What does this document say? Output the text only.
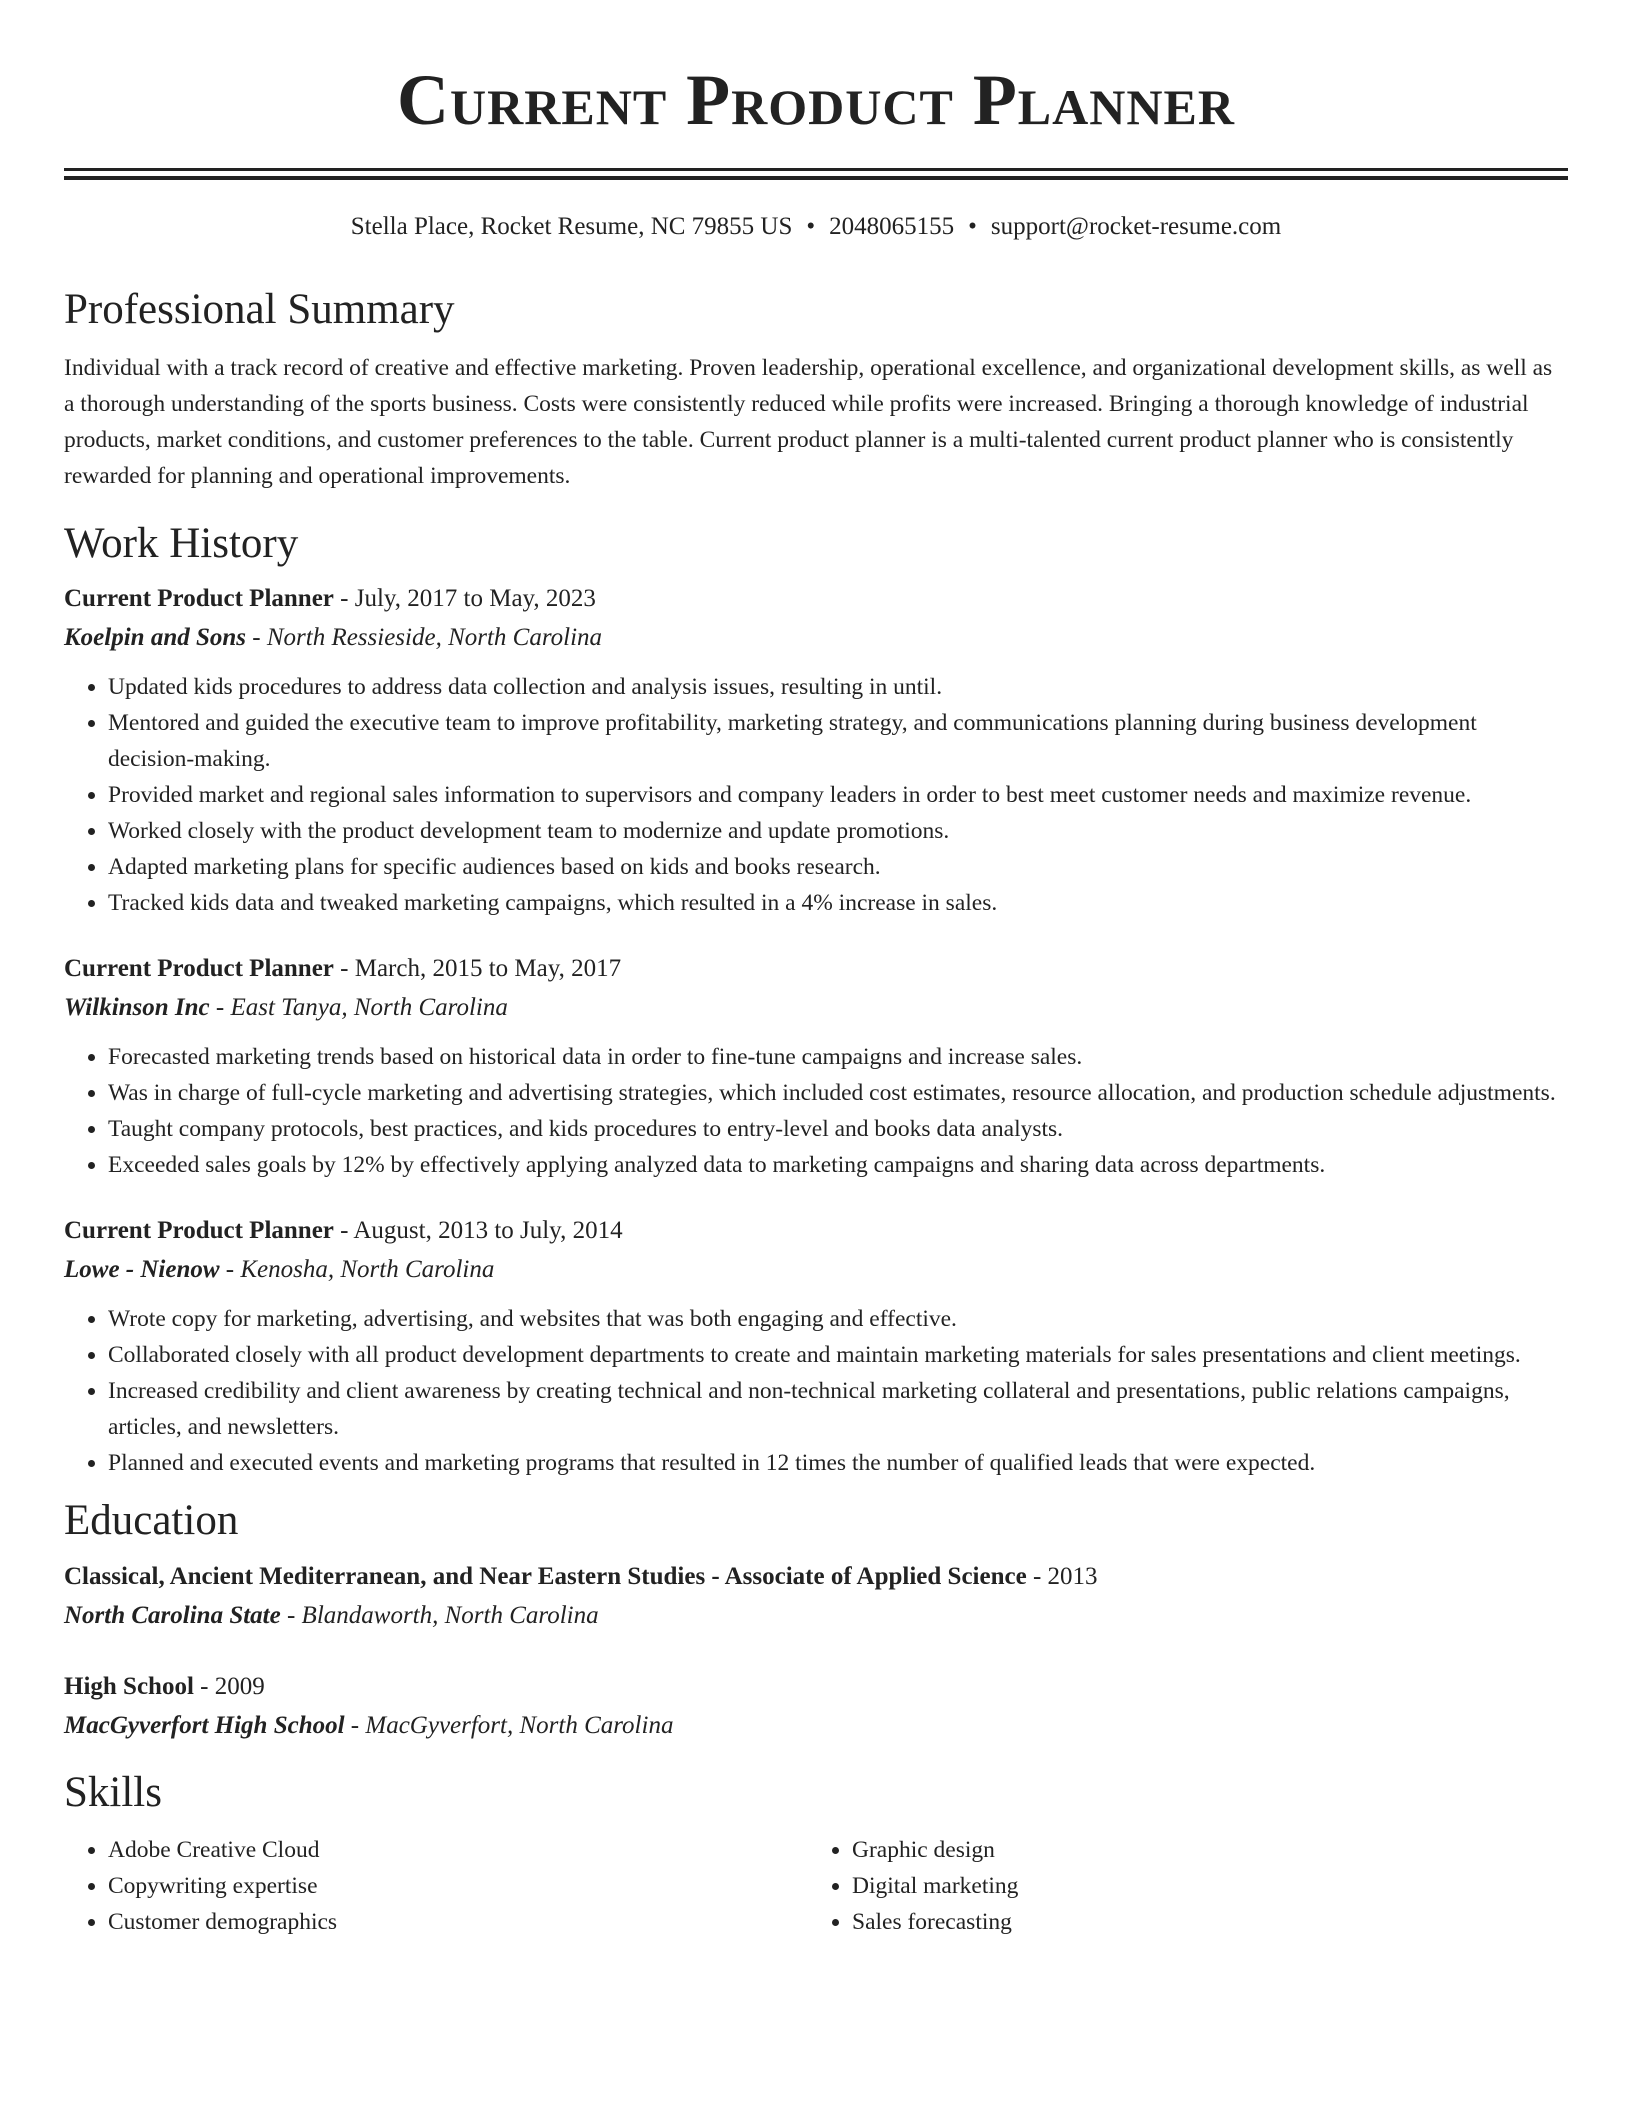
Current Product Planner
Stella Place, Rocket Resume, NC 79855 US • 2048065155 • support@rocket-resume.com
Professional Summary
Individual with a track record of creative and effective marketing. Proven leadership, operational excellence, and organizational development skills, as well as a thorough understanding of the sports business. Costs were consistently reduced while profits were increased. Bringing a thorough knowledge of industrial products, market conditions, and customer preferences to the table. Current product planner is a multi-talented current product planner who is consistently rewarded for planning and operational improvements.
Work History
Current Product Planner - July, 2017 to May, 2023
Koelpin and Sons - North Ressieside, North Carolina
• Updated kids procedures to address data collection and analysis issues, resulting in until.
• Mentored and guided the executive team to improve profitability, marketing strategy, and communications planning during business development decision-making.
• Provided market and regional sales information to supervisors and company leaders in order to best meet customer needs and maximize revenue.
• Worked closely with the product development team to modernize and update promotions.
• Adapted marketing plans for specific audiences based on kids and books research.
• Tracked kids data and tweaked marketing campaigns, which resulted in a 4% increase in sales.
Current Product Planner - March, 2015 to May, 2017
Wilkinson Inc - East Tanya, North Carolina
• Forecasted marketing trends based on historical data in order to fine-tune campaigns and increase sales.
• Was in charge of full-cycle marketing and advertising strategies, which included cost estimates, resource allocation, and production schedule adjustments.
• Taught company protocols, best practices, and kids procedures to entry-level and books data analysts.
• Exceeded sales goals by 12% by effectively applying analyzed data to marketing campaigns and sharing data across departments.
Current Product Planner - August, 2013 to July, 2014
Lowe - Nienow - Kenosha, North Carolina
• Wrote copy for marketing, advertising, and websites that was both engaging and effective.
• Collaborated closely with all product development departments to create and maintain marketing materials for sales presentations and client meetings.
• Increased credibility and client awareness by creating technical and non-technical marketing collateral and presentations, public relations campaigns, articles, and newsletters.
• Planned and executed events and marketing programs that resulted in 12 times the number of qualified leads that were expected.
Education
Classical, Ancient Mediterranean, and Near Eastern Studies - Associate of Applied Science - 2013
North Carolina State - Blandaworth, North Carolina
High School - 2009
MacGyverfort High School - MacGyverfort, North Carolina
Skills
• Adobe Creative Cloud
• Copywriting expertise
• Customer demographics
• Graphic design
• Digital marketing
• Sales forecasting
